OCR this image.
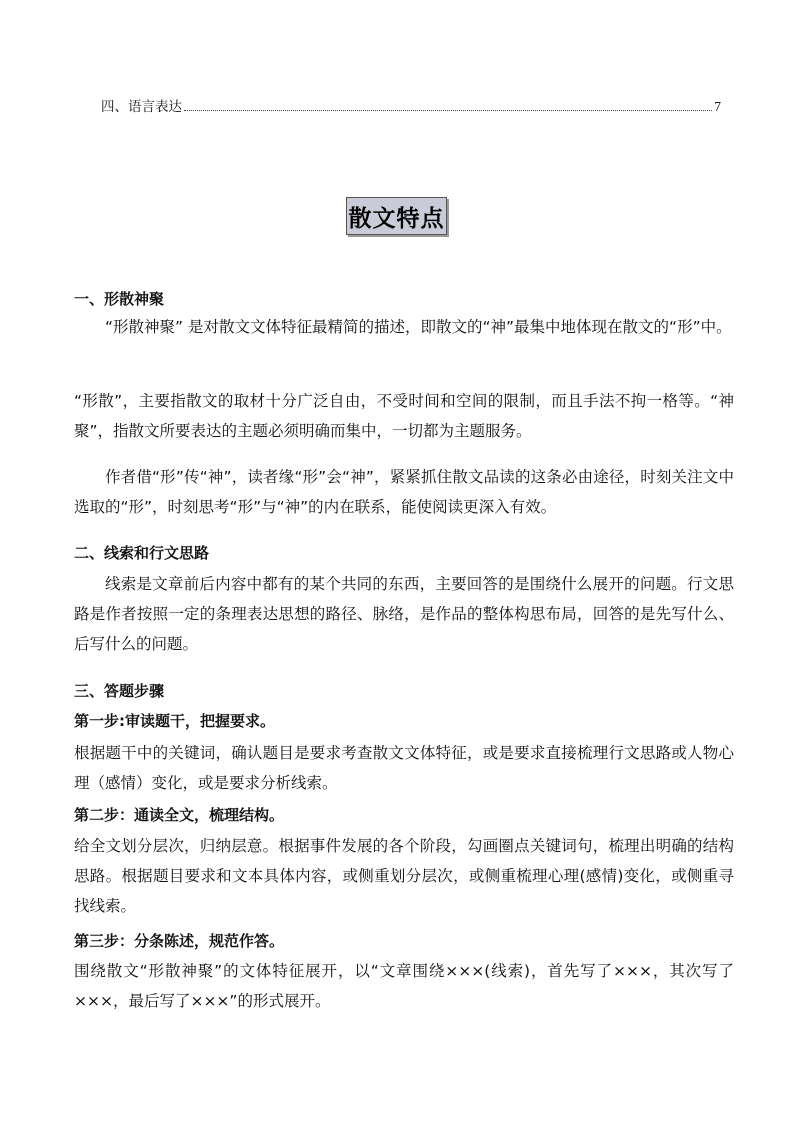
四、语言表达	7
散文特点
一、形散神聚
“形散神聚” 是对散文文体特征最精简的描述，即散文的“神”最集中地体现在散文的“形”中。
“形散”，主要指散文的取材十分广泛自由，不受时间和空间的限制，而且手法不拘一格等。“神聚”，指散文所要表达的主题必须明确而集中，一切都为主题服务。
作者借“形”传“神”，读者缘“形”会“神”，紧紧抓住散文品读的这条必由途径，时刻关注文中选取的“形”，时刻思考“形”与“神”的内在联系，能使阅读更深入有效。
二、线索和行文思路
线索是文章前后内容中都有的某个共同的东西，主要回答的是围绕什么展开的问题。行文思路是作者按照一定的条理表达思想的路径、脉络，是作品的整体构思布局，回答的是先写什么、后写什么的问题。
三、答题步骤
第一步:审读题干，把握要求。
根据题干中的关键词，确认题目是要求考查散文文体特征，或是要求直接梳理行文思路或人物心理（感情）变化，或是要求分析线索。
第二步：通读全文，梳理结构。
给全文划分层次，归纳层意。根据事件发展的各个阶段，勾画圈点关键词句，梳理出明确的结构思路。根据题目要求和文本具体内容，或侧重划分层次，或侧重梳理心理(感情)变化，或侧重寻找线索。
第三步：分条陈述，规范作答。
围绕散文“形散神聚”的文体特征展开，以“文章围绕×××(线索)，首先写了×××，其次写了×××，最后写了×××”的形式展开。
